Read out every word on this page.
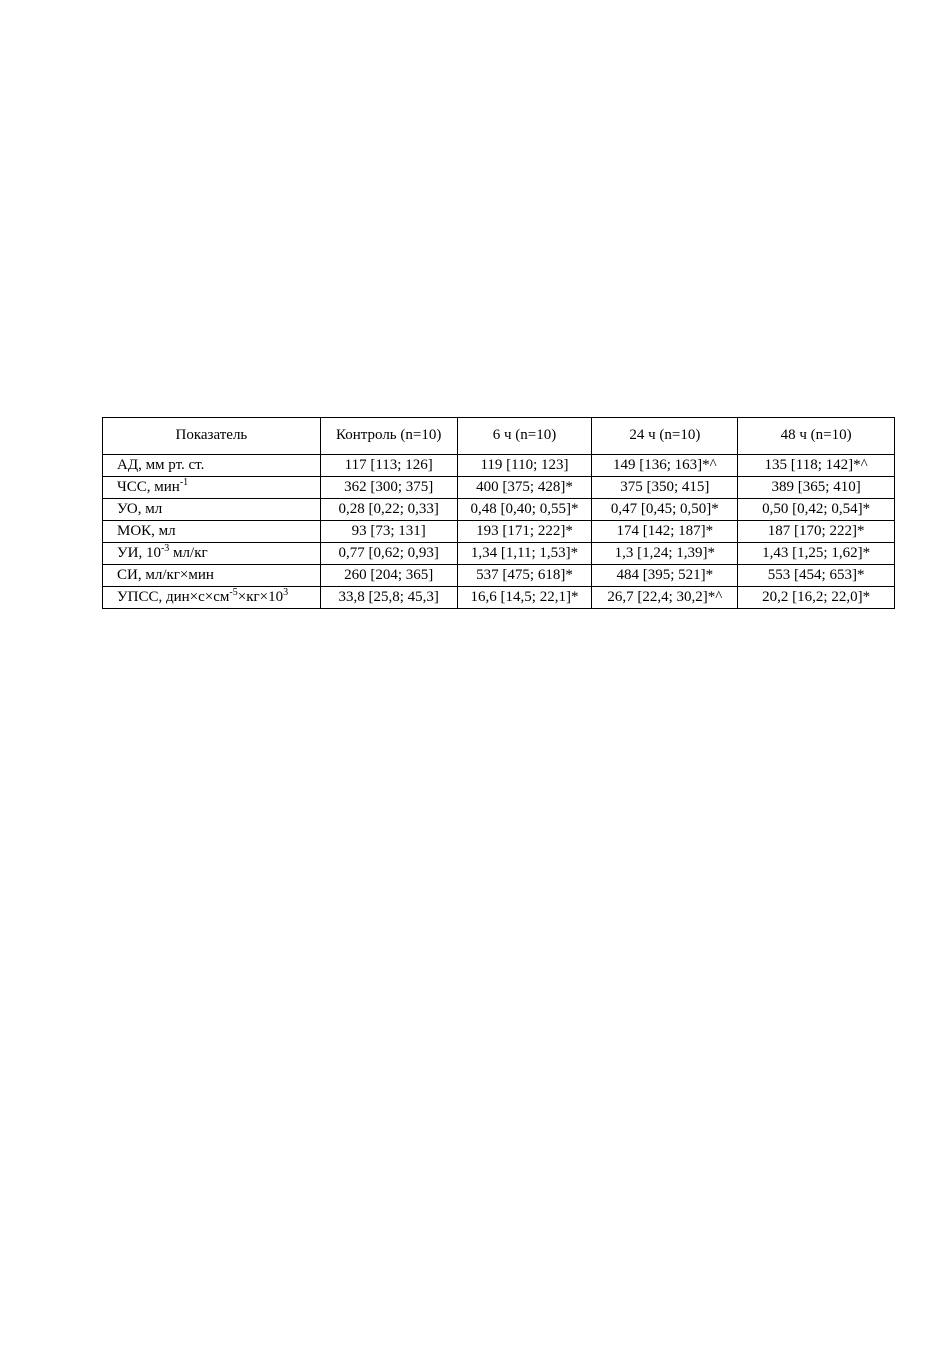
Показатель	Контроль (n=10)	6 ч (n=10)	24 ч (n=10)	48 ч (n=10)
АД, мм рт. ст.	117 [113; 126]	119 [110; 123]	149 [136; 163]*^	135 [118; 142]*^
ЧСС, мин$^{-1}$	362 [300; 375]	400 [375; 428]*	375 [350; 415]	389 [365; 410]
УО, мл	0,28 [0,22; 0,33]	0,48 [0,40; 0,55]*	0,47 [0,45; 0,50]*	0,50 [0,42; 0,54]*
МОК, мл	93 [73; 131]	193 [171; 222]*	174 [142; 187]*	187 [170; 222]*
УИ, $10^{-3}$ мл/кг	0,77 [0,62; 0,93]	1,34 [1,11; 1,53]*	1,3 [1,24; 1,39]*	1,43 [1,25; 1,62]*
СИ, мл/кг×мин	260 [204; 365]	537 [475; 618]*	484 [395; 521]*	553 [454; 653]*
УПСС, $дин\times с\times см^{-5}\times кг\times 10^3$	33,8 [25,8; 45,3]	16,6 [14,5; 22,1]*	26,7 [22,4; 30,2]*^	20,2 [16,2; 22,0]*
